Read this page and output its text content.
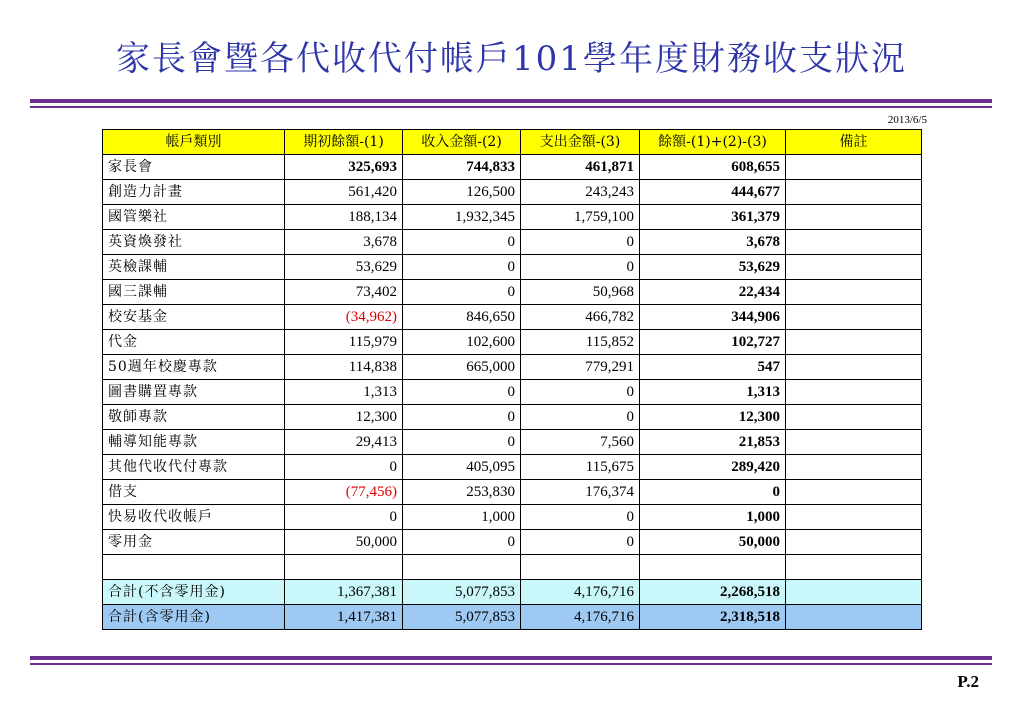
家長會暨各代收代付帳戶101學年度財務收支狀況
2013/6/5
帳戶類別	期初餘額-(1)	收入金額-(2)	支出金額-(3)	餘額-(1)+(2)-(3)	備註
家長會	325,693	744,833	461,871	608,655	
創造力計畫	561,420	126,500	243,243	444,677	
國管樂社	188,134	1,932,345	1,759,100	361,379	
英資煥發社	3,678	0	0	3,678	
英檢課輔	53,629	0	0	53,629	
國三課輔	73,402	0	50,968	22,434	
校安基金	(34,962)	846,650	466,782	344,906	
代金	115,979	102,600	115,852	102,727	
50週年校慶專款	114,838	665,000	779,291	547	
圖書購置專款	1,313	0	0	1,313	
敬師專款	12,300	0	0	12,300	
輔導知能專款	29,413	0	7,560	21,853	
其他代收代付專款	0	405,095	115,675	289,420	
借支	(77,456)	253,830	176,374	0	
快易收代收帳戶	0	1,000	0	1,000	
零用金	50,000	0	0	50,000	

合計(不含零用金)	1,367,381	5,077,853	4,176,716	2,268,518	
合計(含零用金)	1,417,381	5,077,853	4,176,716	2,318,518	
P.2
